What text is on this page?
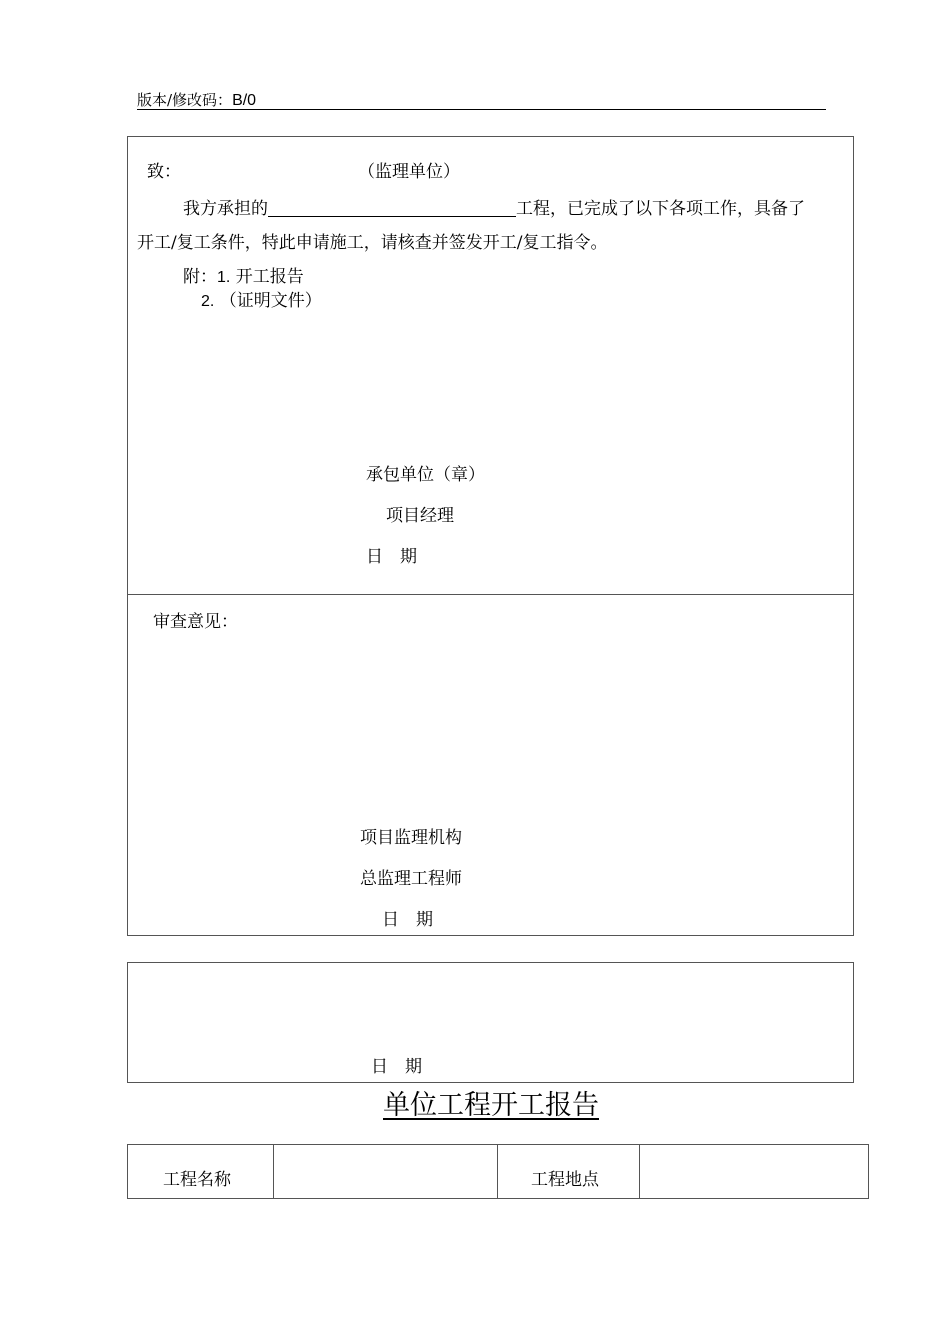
版本/修改码：B/0
致：	（监理单位）
我方承担的	工程，已完成了以下各项工作，具备了
开工/复工条件，特此申请施工，请核查并签发开工/复工指令。
附：1. 开工报告
2. （证明文件）
承包单位（章）
项目经理
日　期
审查意见：
项目监理机构
总监理工程师
日　期
日　期
单位工程开工报告
工程名称	工程地点
